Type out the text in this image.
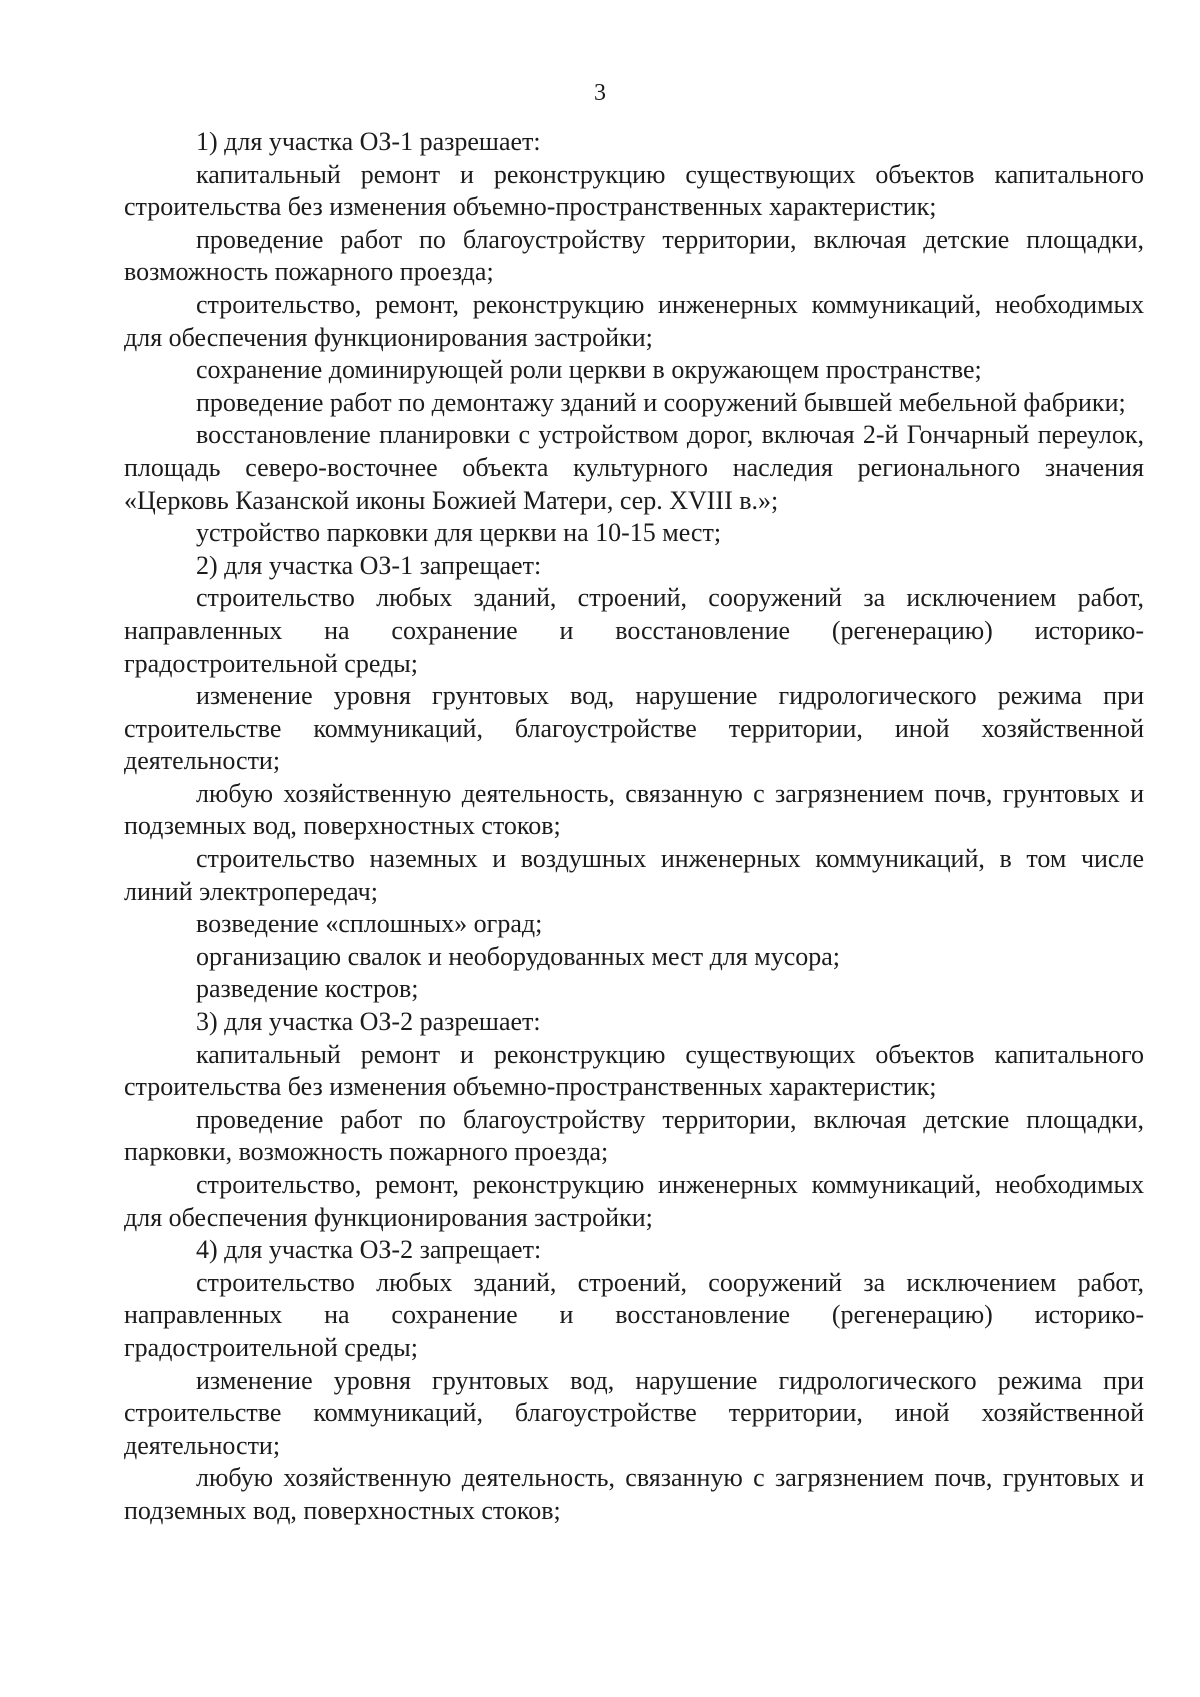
3

1) для участка ОЗ-1 разрешает:

капитальный ремонт и реконструкцию существующих объектов капитального строительства без изменения объемно-пространственных характеристик;

проведение работ по благоустройству территории, включая детские площадки, возможность пожарного проезда;

строительство, ремонт, реконструкцию инженерных коммуникаций, необходимых для обеспечения функционирования застройки;

сохранение доминирующей роли церкви в окружающем пространстве;

проведение работ по демонтажу зданий и сооружений бывшей мебельной фабрики;

восстановление планировки с устройством дорог, включая 2-й Гончарный переулок, площадь северо-восточнее объекта культурного наследия регионального значения «Церковь Казанской иконы Божией Матери, сер. XVIII в.»;

устройство парковки для церкви на 10-15 мест;

2) для участка ОЗ-1 запрещает:

строительство любых зданий, строений, сооружений за исключением работ, направленных на сохранение и восстановление (регенерацию) историко-градостроительной среды;

изменение уровня грунтовых вод, нарушение гидрологического режима при строительстве коммуникаций, благоустройстве территории, иной хозяйственной деятельности;

любую хозяйственную деятельность, связанную с загрязнением почв, грунтовых и подземных вод, поверхностных стоков;

строительство наземных и воздушных инженерных коммуникаций, в том числе линий электропередач;

возведение «сплошных» оград;

организацию свалок и необорудованных мест для мусора;

разведение костров;

3) для участка ОЗ-2 разрешает:

капитальный ремонт и реконструкцию существующих объектов капитального строительства без изменения объемно-пространственных характеристик;

проведение работ по благоустройству территории, включая детские площадки, парковки, возможность пожарного проезда;

строительство, ремонт, реконструкцию инженерных коммуникаций, необходимых для обеспечения функционирования застройки;

4) для участка ОЗ-2 запрещает:

строительство любых зданий, строений, сооружений за исключением работ, направленных на сохранение и восстановление (регенерацию) историко-градостроительной среды;

изменение уровня грунтовых вод, нарушение гидрологического режима при строительстве коммуникаций, благоустройстве территории, иной хозяйственной деятельности;

любую хозяйственную деятельность, связанную с загрязнением почв, грунтовых и подземных вод, поверхностных стоков;
